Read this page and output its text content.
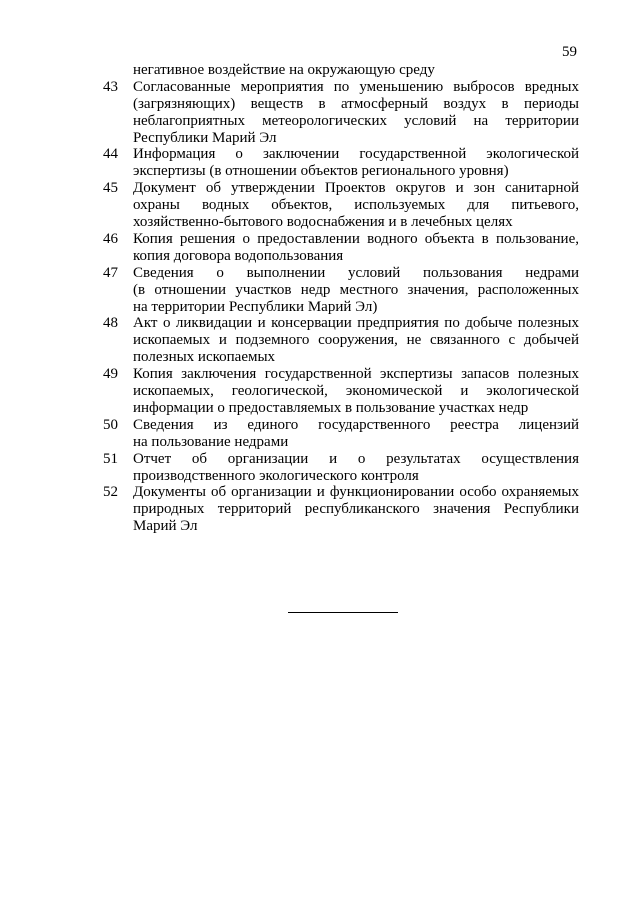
59
негативное воздействие на окружающую среду
43	Согласованные мероприятия по уменьшению выбросов вредных
(загрязняющих) веществ в атмосферный воздух в периоды
неблагоприятных метеорологических условий на территории
Республики Марий Эл
44	Информация о заключении государственной экологической
экспертизы (в отношении объектов регионального уровня)
45	Документ об утверждении Проектов округов и зон санитарной
охраны водных объектов, используемых для питьевого,
хозяйственно-бытового водоснабжения и в лечебных целях
46	Копия решения о предоставлении водного объекта в пользование,
копия договора водопользования
47	Сведения о выполнении условий пользования недрами
(в отношении участков недр местного значения, расположенных
на территории Республики Марий Эл)
48	Акт о ликвидации и консервации предприятия по добыче полезных
ископаемых и подземного сооружения, не связанного с добычей
полезных ископаемых
49	Копия заключения государственной экспертизы запасов полезных
ископаемых, геологической, экономической и экологической
информации о предоставляемых в пользование участках недр
50	Сведения из единого государственного реестра лицензий
на пользование недрами
51	Отчет об организации и о результатах осуществления
производственного экологического контроля
52	Документы об организации и функционировании особо охраняемых
природных территорий республиканского значения Республики
Марий Эл
